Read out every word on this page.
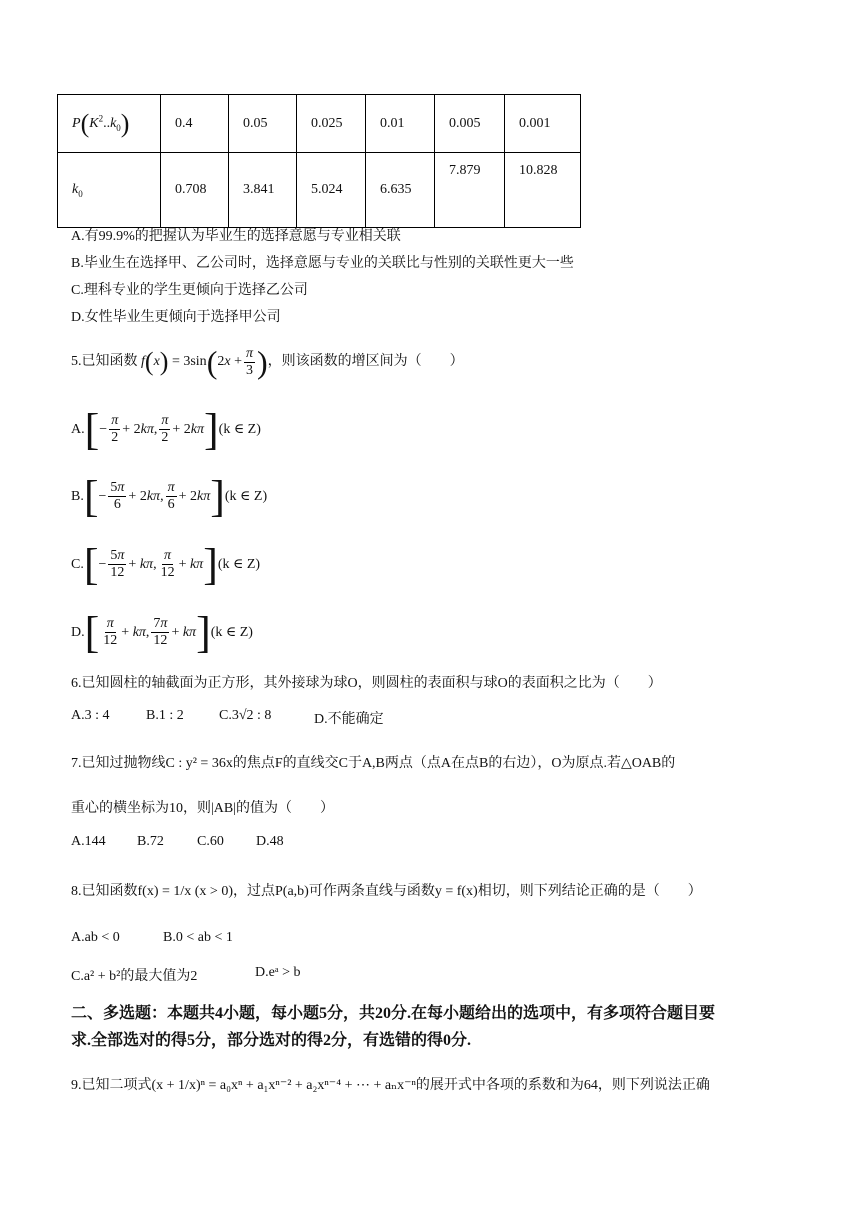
$P(K^2..k_0)$	0.4	0.05	0.025	0.01	0.005	0.001
$k_0$	0.708	3.841	5.024	6.635	7.879	10.828
A.有99.9%的把握认为毕业生的选择意愿与专业相关联
B.毕业生在选择甲、乙公司时，选择意愿与专业的关联比与性别的关联性更大一些
C.理科专业的学生更倾向于选择乙公司
D.女性毕业生更倾向于选择甲公司
5.已知函数 $f(x) = 3\sin(2x + \frac{\pi}{3}$ )，则该函数的增区间为（　　）
$A.[- \frac{\pi}{2} + 2k\pi$, $\frac{\pi}{2} + 2k\pi](k$ ∈ Z)
$B.[- \frac{5\pi}{6} + 2k\pi$, $\frac{\pi}{6} + 2k\pi](k$ ∈ Z)
$C.[- \frac{5\pi}{12} + k\pi$, $\frac{\pi}{12} + k\pi](k$ ∈ Z)
$D.[ \frac{\pi}{12} + k\pi$, $\frac{7\pi}{12} + k\pi](k$ ∈ Z)
6.已知圆柱的轴截面为正方形，其外接球为球O，则圆柱的表面积与球O的表面积之比为（　　）
A.3 : 4	B.1 : 2	C.3√2 : 8	D.不能确定
7.已知过抛物线C : y² = 36x的焦点F的直线交C于A,B两点（点A在点B的右边），O为原点.若△OAB的
重心的横坐标为10，则|AB|的值为（　　）
A.144 B.72 C.60 D.48
8.已知函数f(x) = 1/x (x > 0)，过点P(a,b)可作两条直线与函数y = f(x)相切，则下列结论正确的是（　　）
A.ab < 0	B.0 < ab < 1
C.a² + b²的最大值为2	D.eᵃ > b
二、多选题：本题共4小题，每小题5分，共20分.在每小题给出的选项中，有多项符合题目要
求.全部选对的得5分，部分选对的得2分，有选错的得0分.
9.已知二项式(x + 1/x)ⁿ = a₀xⁿ + a₁xⁿ⁻² + a₂xⁿ⁻⁴ + ⋯ + aₙx⁻ⁿ的展开式中各项的系数和为64，则下列说法正确
